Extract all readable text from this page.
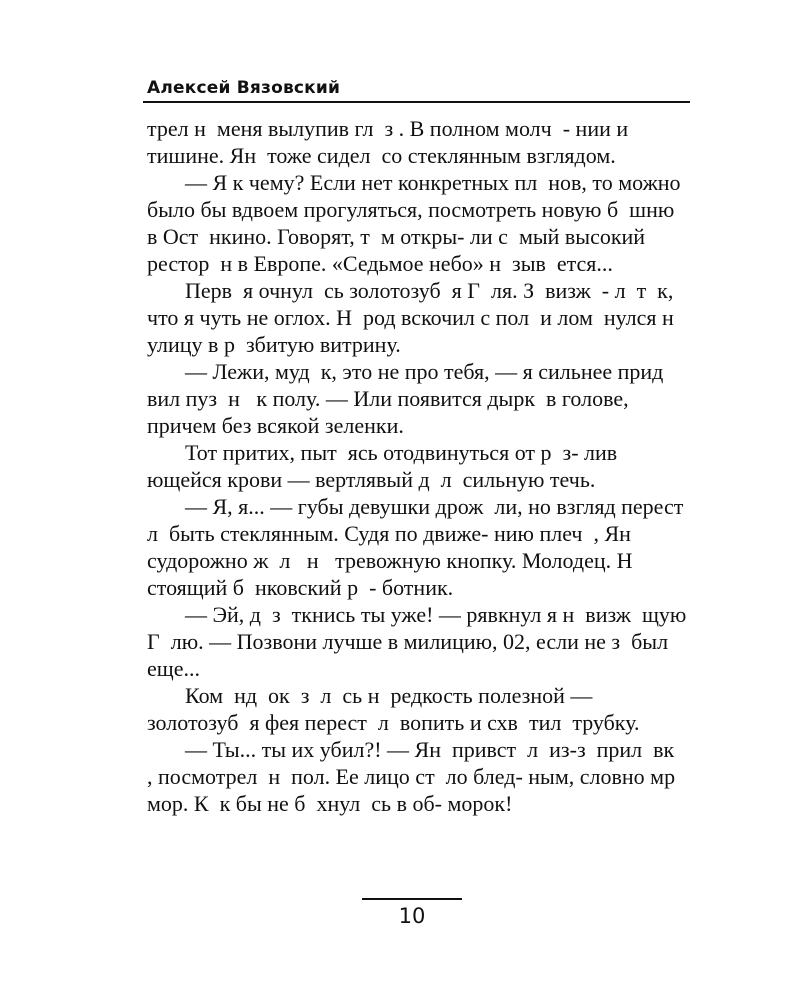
Алексей Вязовский

трел н  меня вылупив гл  з . В полном молч  - нии и тишине. Ян  тоже сидел  со стеклянным взглядом.

— Я к чему? Если нет конкретных пл  нов, то можно было бы вдвоем прогуляться, посмотреть новую б  шню в Ост  нкино. Говорят, т  м откры- ли с  мый высокий рестор  н в Европе. «Седьмое небо» н  зыв  ется...

Перв  я очнул  сь золотозуб  я Г  ля. З  визж  - л  т  к, что я чуть не оглох. Н  род вскочил с пол  и лом  нулся н   улицу в р  збитую витрину.

— Лежи, муд  к, это не про тебя, — я сильнее прид  вил пуз  н   к полу. — Или появится дырк  в голове, причем без всякой зеленки.

Тот притих, пыт  ясь отодвинуться от р  з- лив  ющейся крови — вертлявый д  л  сильную течь.

— Я, я... — губы девушки дрож  ли, но взгляд перест  л  быть стеклянным. Судя по движе- нию плеч  , Ян  судорожно ж  л   н   тревожную кнопку. Молодец. Н  стоящий б  нковский р  - ботник.

— Эй, д  з  ткнись ты уже! — рявкнул я н  визж  щую Г  лю. — Позвони лучше в милицию, 02, если не з  был  еще...

Ком  нд  ок  з  л  сь н  редкость полезной — золотозуб  я фея перест  л  вопить и схв  тил  трубку.

— Ты... ты их убил?! — Ян  привст  л  из-з  прил  вк  , посмотрел  н  пол. Ее лицо ст  ло блед- ным, словно мр  мор. К  к бы не б  хнул  сь в об- морок!

10
